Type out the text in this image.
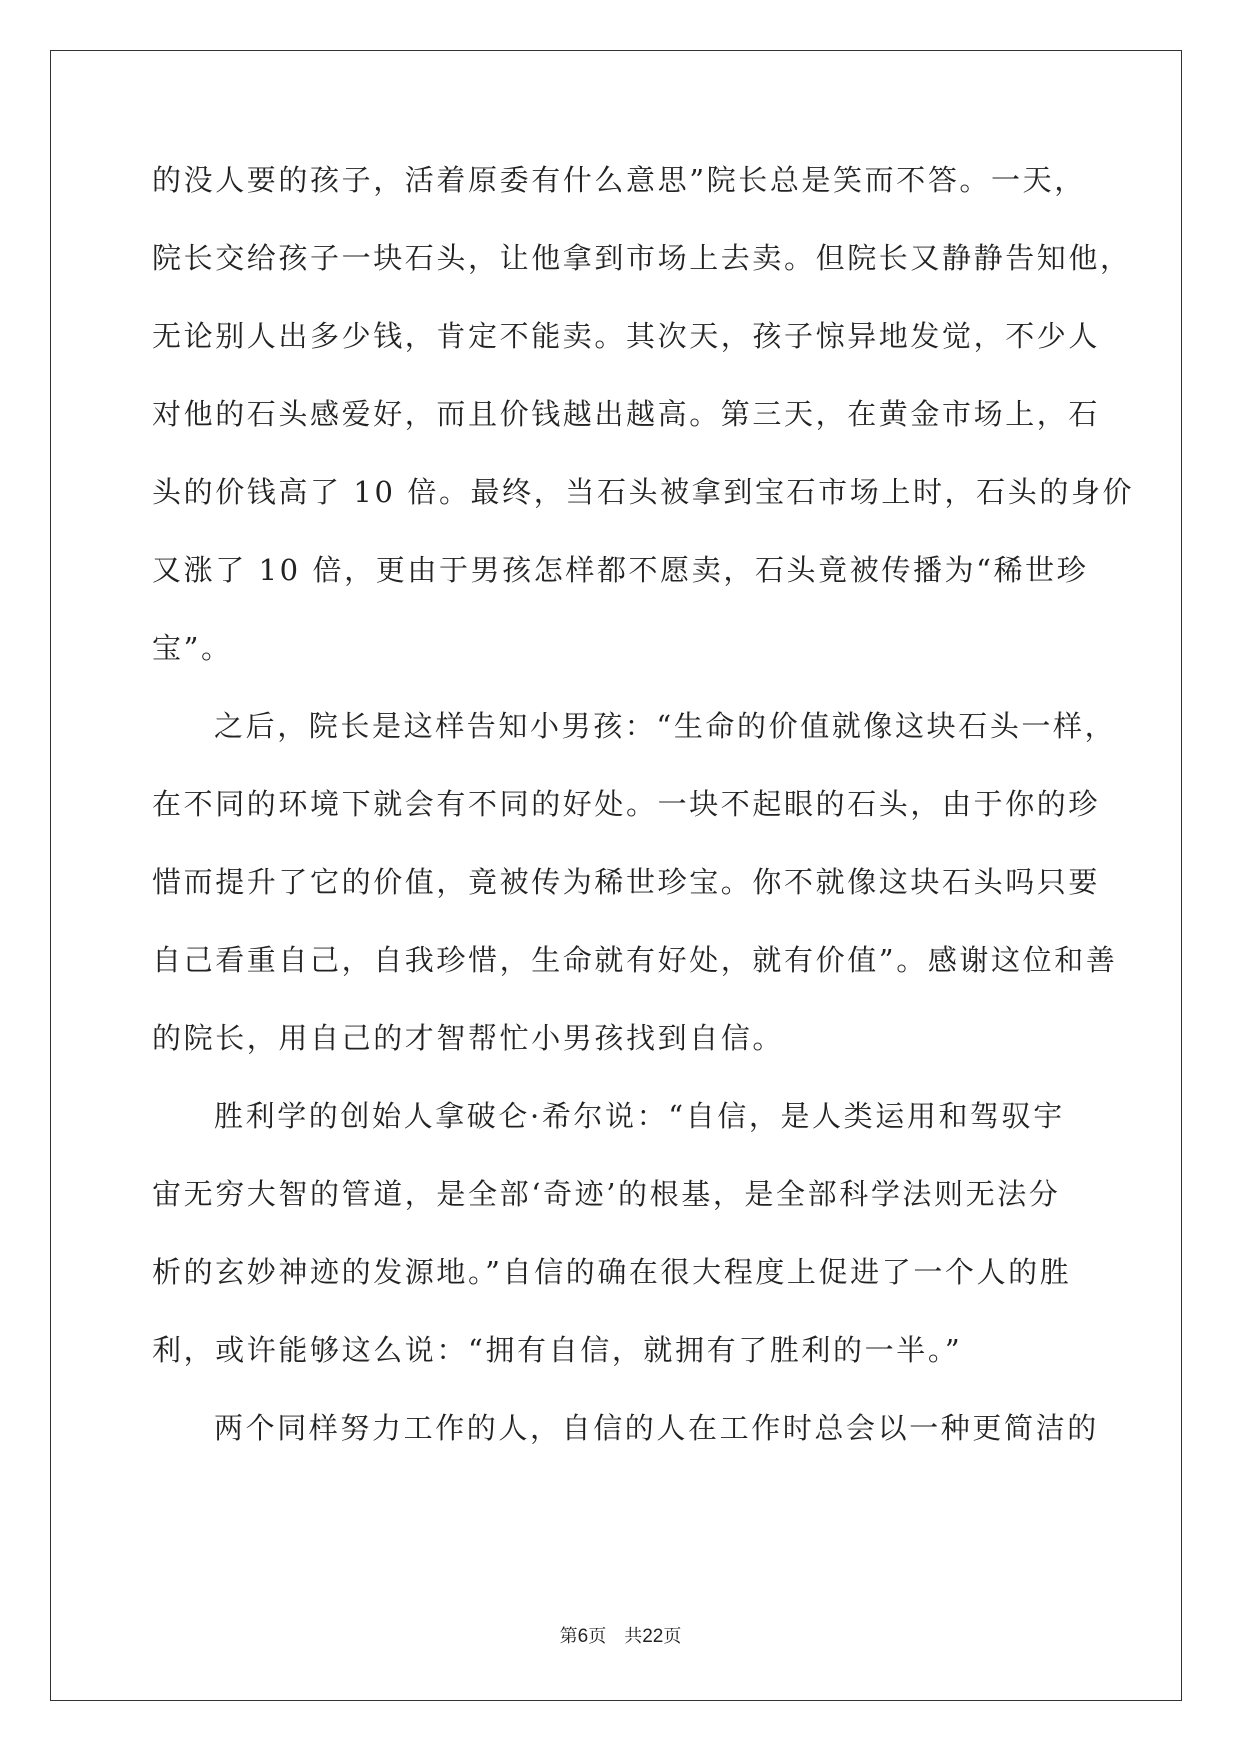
的没人要的孩子，活着原委有什么意思”院长总是笑而不答。一天，
院长交给孩子一块石头，让他拿到市场上去卖。但院长又静静告知他，
无论别人出多少钱，肯定不能卖。其次天，孩子惊异地发觉，不少人
对他的石头感爱好，而且价钱越出越高。第三天，在黄金市场上，石
头的价钱高了 10 倍。最终，当石头被拿到宝石市场上时，石头的身价
又涨了 10 倍，更由于男孩怎样都不愿卖，石头竟被传播为“稀世珍
宝”。
之后，院长是这样告知小男孩：“生命的价值就像这块石头一样，
在不同的环境下就会有不同的好处。一块不起眼的石头，由于你的珍
惜而提升了它的价值，竟被传为稀世珍宝。你不就像这块石头吗只要
自己看重自己，自我珍惜，生命就有好处，就有价值”。感谢这位和善
的院长，用自己的才智帮忙小男孩找到自信。
胜利学的创始人拿破仑·希尔说：“自信，是人类运用和驾驭宇
宙无穷大智的管道，是全部‘奇迹’的根基，是全部科学法则无法分
析的玄妙神迹的发源地。”自信的确在很大程度上促进了一个人的胜
利，或许能够这么说：“拥有自信，就拥有了胜利的一半。”
两个同样努力工作的人，自信的人在工作时总会以一种更简洁的
第6页　共22页
